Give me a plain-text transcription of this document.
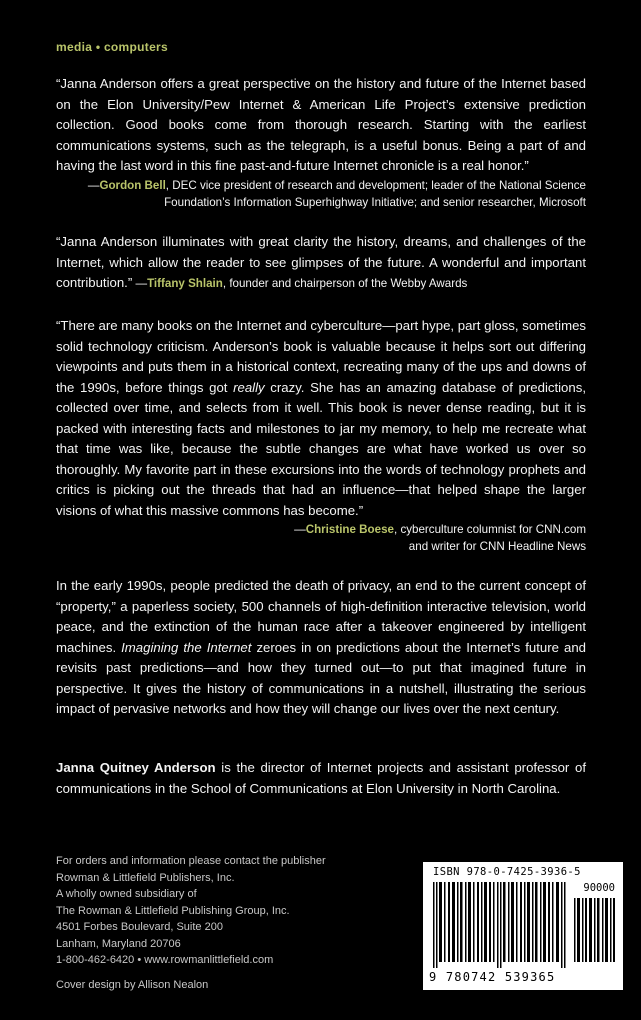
media • computers
“Janna Anderson offers a great perspective on the history and future of the Internet based on the Elon University/Pew Internet & American Life Project’s extensive prediction collection. Good books come from thorough research. Starting with the earliest communications systems, such as the telegraph, is a useful bonus. Being a part of and having the last word in this fine past-and-future Internet chronicle is a real honor.”
—Gordon Bell, DEC vice president of research and development; leader of the National Science Foundation’s Information Superhighway Initiative; and senior researcher, Microsoft
“Janna Anderson illuminates with great clarity the history, dreams, and challenges of the Internet, which allow the reader to see glimpses of the future. A wonderful and important contribution.” —Tiffany Shlain, founder and chairperson of the Webby Awards
“There are many books on the Internet and cyberculture—part hype, part gloss, sometimes solid technology criticism. Anderson’s book is valuable because it helps sort out differing viewpoints and puts them in a historical context, recreating many of the ups and downs of the 1990s, before things got really crazy. She has an amazing database of predictions, collected over time, and selects from it well. This book is never dense reading, but it is packed with interesting facts and milestones to jar my memory, to help me recreate what that time was like, because the subtle changes are what have worked us over so thoroughly. My favorite part in these excursions into the words of technology prophets and critics is picking out the threads that had an influence—that helped shape the larger visions of what this massive commons has become.”
—Christine Boese, cyberculture columnist for CNN.com
and writer for CNN Headline News
In the early 1990s, people predicted the death of privacy, an end to the current concept of “property,” a paperless society, 500 channels of high-definition interactive television, world peace, and the extinction of the human race after a takeover engineered by intelligent machines. Imagining the Internet zeroes in on predictions about the Internet’s future and revisits past predictions—and how they turned out—to put that imagined future in perspective. It gives the history of communications in a nutshell, illustrating the serious impact of pervasive networks and how they will change our lives over the next century.
Janna Quitney Anderson is the director of Internet projects and assistant professor of communications in the School of Communications at Elon University in North Carolina.
For orders and information please contact the publisher
Rowman & Littlefield Publishers, Inc.
A wholly owned subsidiary of
The Rowman & Littlefield Publishing Group, Inc.
4501 Forbes Boulevard, Suite 200
Lanham, Maryland 20706
1-800-462-6420 • www.rowmanlittlefield.com
Cover design by Allison Nealon
ISBN 978-0-7425-3936-5
90000
9 780742 539365
